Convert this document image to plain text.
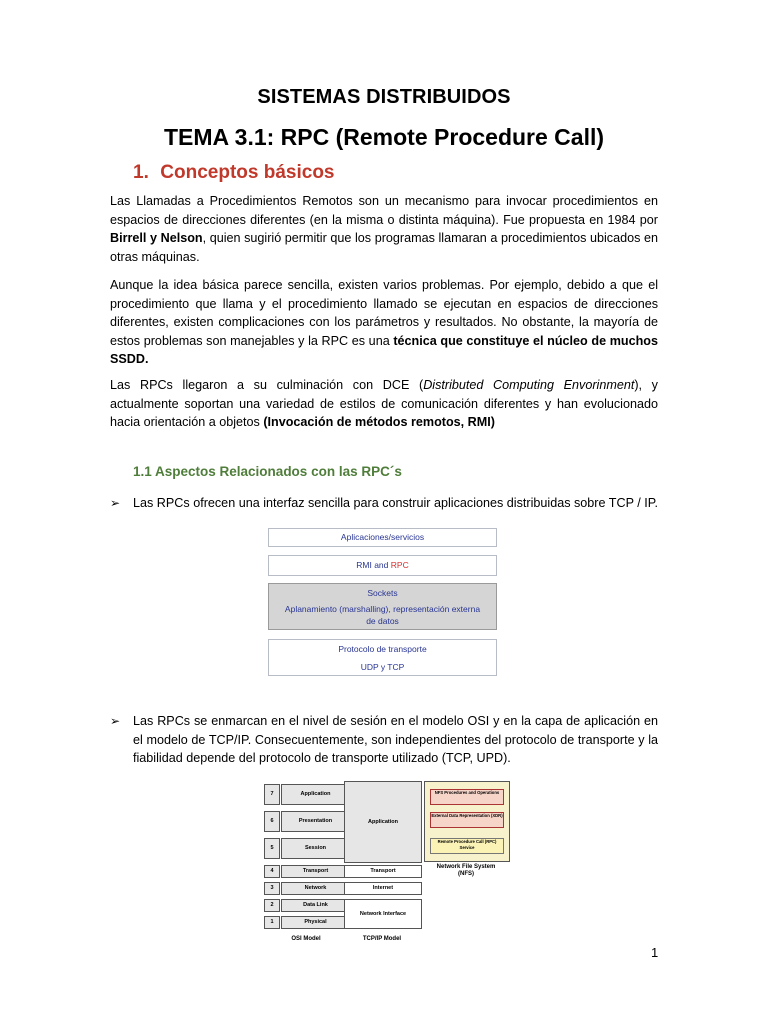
SISTEMAS DISTRIBUIDOS
TEMA 3.1: RPC (Remote Procedure Call)
1. Conceptos básicos
Las Llamadas a Procedimientos Remotos son un mecanismo para invocar procedimientos en espacios de direcciones diferentes (en la misma o distinta máquina). Fue propuesta en 1984 por Birrell y Nelson, quien sugirió permitir que los programas llamaran a procedimientos ubicados en otras máquinas.
Aunque la idea básica parece sencilla, existen varios problemas. Por ejemplo, debido a que el procedimiento que llama y el procedimiento llamado se ejecutan en espacios de direcciones diferentes, existen complicaciones con los parámetros y resultados. No obstante, la mayoría de estos problemas son manejables y la RPC es una técnica que constituye el núcleo de muchos SSDD.
Las RPCs llegaron a su culminación con DCE (Distributed Computing Envorinment), y actualmente soportan una variedad de estilos de comunicación diferentes y han evolucionado hacia orientación a objetos (Invocación de métodos remotos, RMI)
1.1 Aspectos Relacionados con las RPC´s
➢ Las RPCs ofrecen una interfaz sencilla para construir aplicaciones distribuidas sobre TCP / IP.
Aplicaciones/servicios
RMI and RPC
Sockets
Aplanamiento (marshalling), representación externa
de datos
Protocolo de transporte
UDP y TCP
➢ Las RPCs se enmarcan en el nivel de sesión en el modelo OSI y en la capa de aplicación en el modelo de TCP/IP. Consecuentemente, son independientes del protocolo de transporte y la fiabilidad depende del protocolo de transporte utilizado (TCP, UPD).
7	Application
6	Presentation
5	Session
4	Transport
3	Network
2	Data Link
1	Physical
Application
Transport
Internet
Network Interface
NFS Procedures and Operations
External Data Representation (XDR)
Remote Procedure Call (RPC) Service
Network File System
(NFS)
OSI Model	TCP/IP Model
1
